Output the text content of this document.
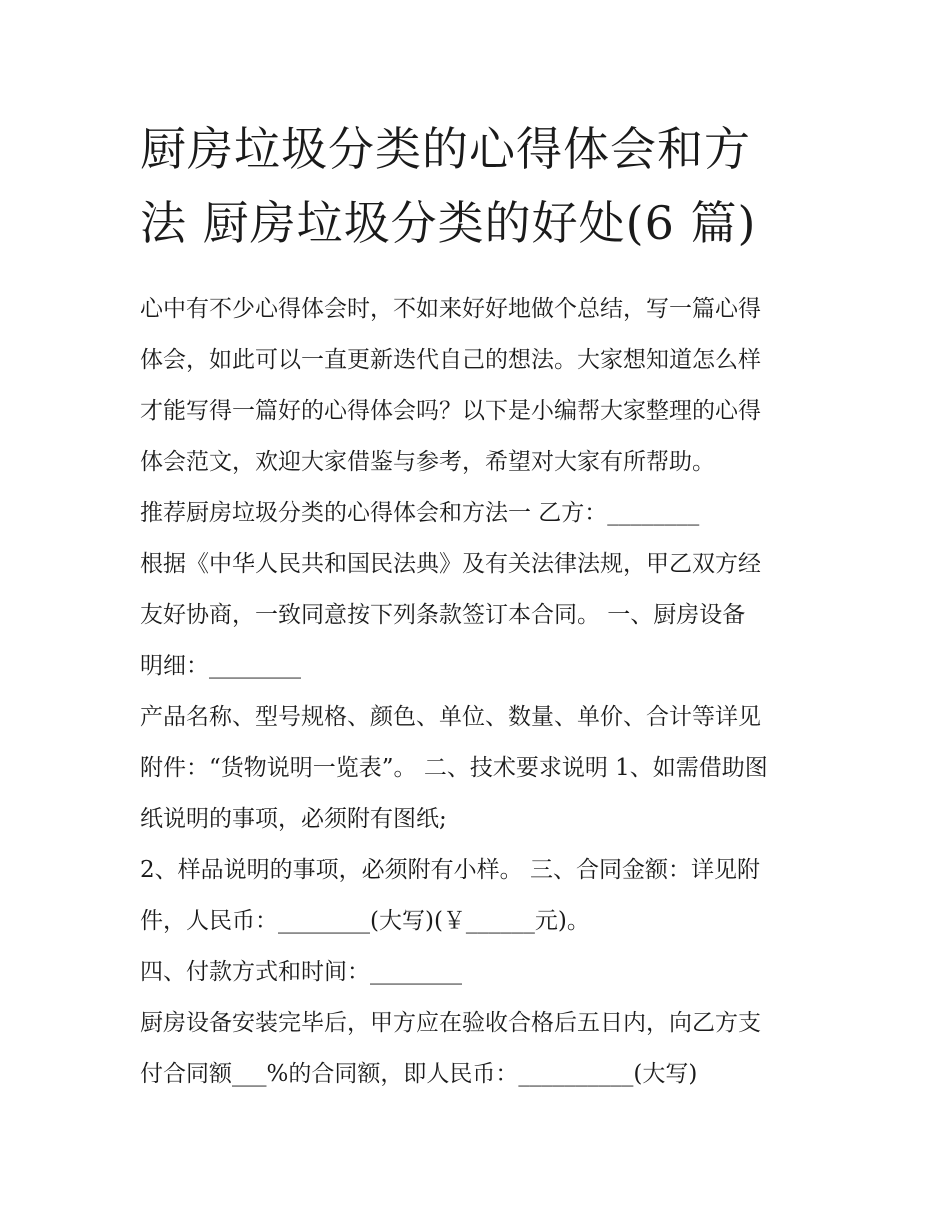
厨房垃圾分类的心得体会和方
法 厨房垃圾分类的好处(6 篇)

心中有不少心得体会时，不如来好好地做个总结，写一篇心得
体会，如此可以一直更新迭代自己的想法。大家想知道怎么样
才能写得一篇好的心得体会吗？以下是小编帮大家整理的心得
体会范文，欢迎大家借鉴与参考，希望对大家有所帮助。

推荐厨房垃圾分类的心得体会和方法一 乙方：________

根据《中华人民共和国民法典》及有关法律法规，甲乙双方经
友好协商，一致同意按下列条款签订本合同。 一、厨房设备
明细：________

产品名称、型号规格、颜色、单位、数量、单价、合计等详见
附件：“货物说明一览表”。 二、技术要求说明 1、如需借助图
纸说明的事项，必须附有图纸;

2、样品说明的事项，必须附有小样。 三、合同金额：详见附
件，人民币：________(大写)(￥______元)。

四、付款方式和时间：________

厨房设备安装完毕后，甲方应在验收合格后五日内，向乙方支
付合同额___%的合同额，即人民币：__________(大写)
